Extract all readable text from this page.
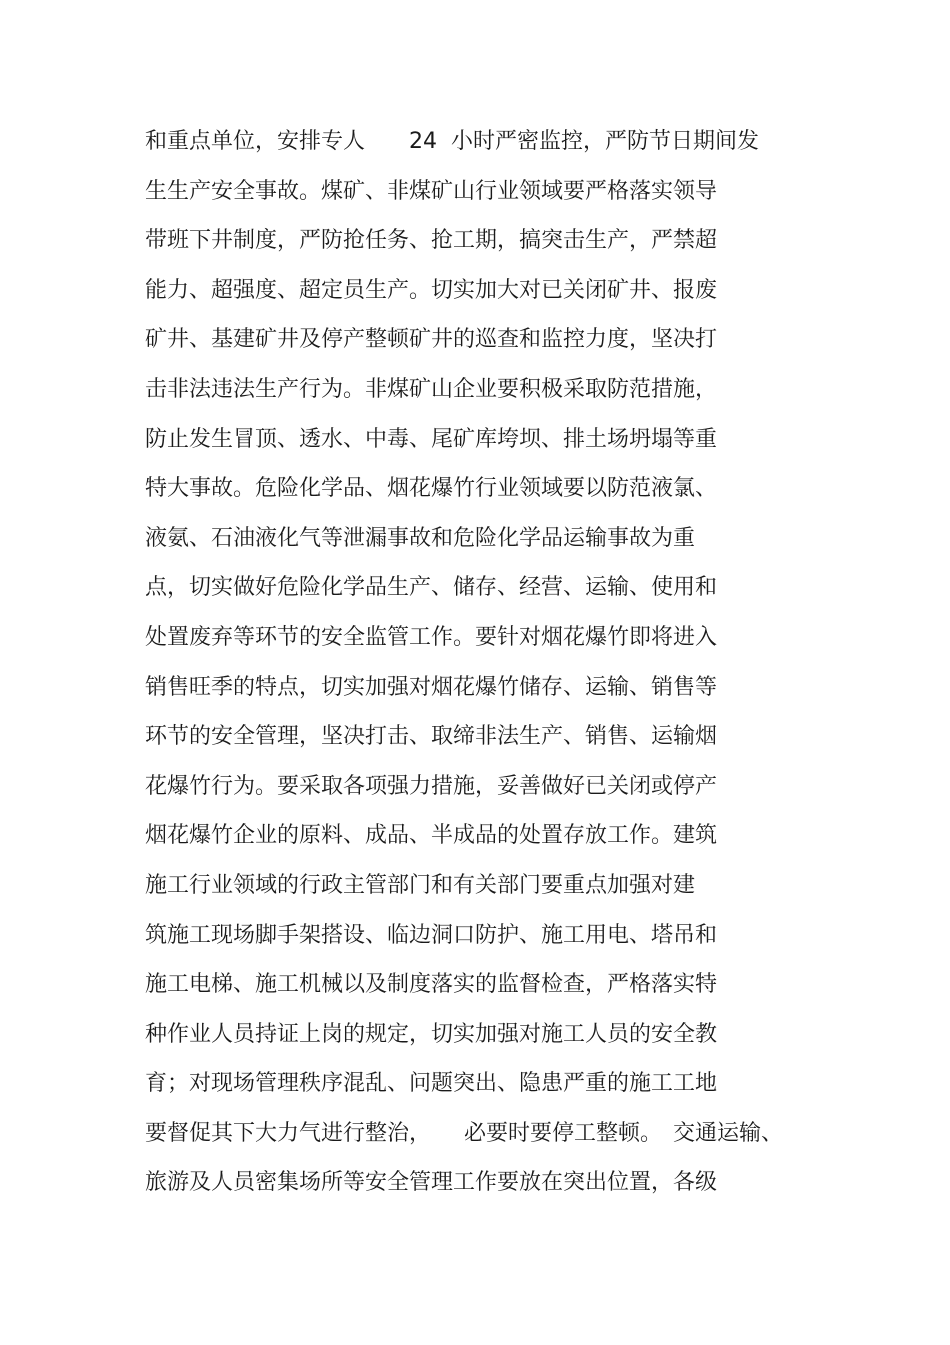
和重点单位，安排专人　　24  小时严密监控，严防节日期间发
生生产安全事故。煤矿、非煤矿山行业领域要严格落实领导
带班下井制度，严防抢任务、抢工期，搞突击生产，严禁超
能力、超强度、超定员生产。切实加大对已关闭矿井、报废
矿井、基建矿井及停产整顿矿井的巡查和监控力度，坚决打
击非法违法生产行为。非煤矿山企业要积极采取防范措施，
防止发生冒顶、透水、中毒、尾矿库垮坝、排土场坍塌等重
特大事故。危险化学品、烟花爆竹行业领域要以防范液氯、
液氨、石油液化气等泄漏事故和危险化学品运输事故为重
点，切实做好危险化学品生产、储存、经营、运输、使用和
处置废弃等环节的安全监管工作。要针对烟花爆竹即将进入
销售旺季的特点，切实加强对烟花爆竹储存、运输、销售等
环节的安全管理，坚决打击、取缔非法生产、销售、运输烟
花爆竹行为。要采取各项强力措施，妥善做好已关闭或停产
烟花爆竹企业的原料、成品、半成品的处置存放工作。建筑
施工行业领域的行政主管部门和有关部门要重点加强对建
筑施工现场脚手架搭设、临边洞口防护、施工用电、塔吊和
施工电梯、施工机械以及制度落实的监督检查，严格落实特
种作业人员持证上岗的规定，切实加强对施工人员的安全教
育；对现场管理秩序混乱、问题突出、隐患严重的施工工地
要督促其下大力气进行整治，　　必要时要停工整顿。　交通运输、
旅游及人员密集场所等安全管理工作要放在突出位置，各级
